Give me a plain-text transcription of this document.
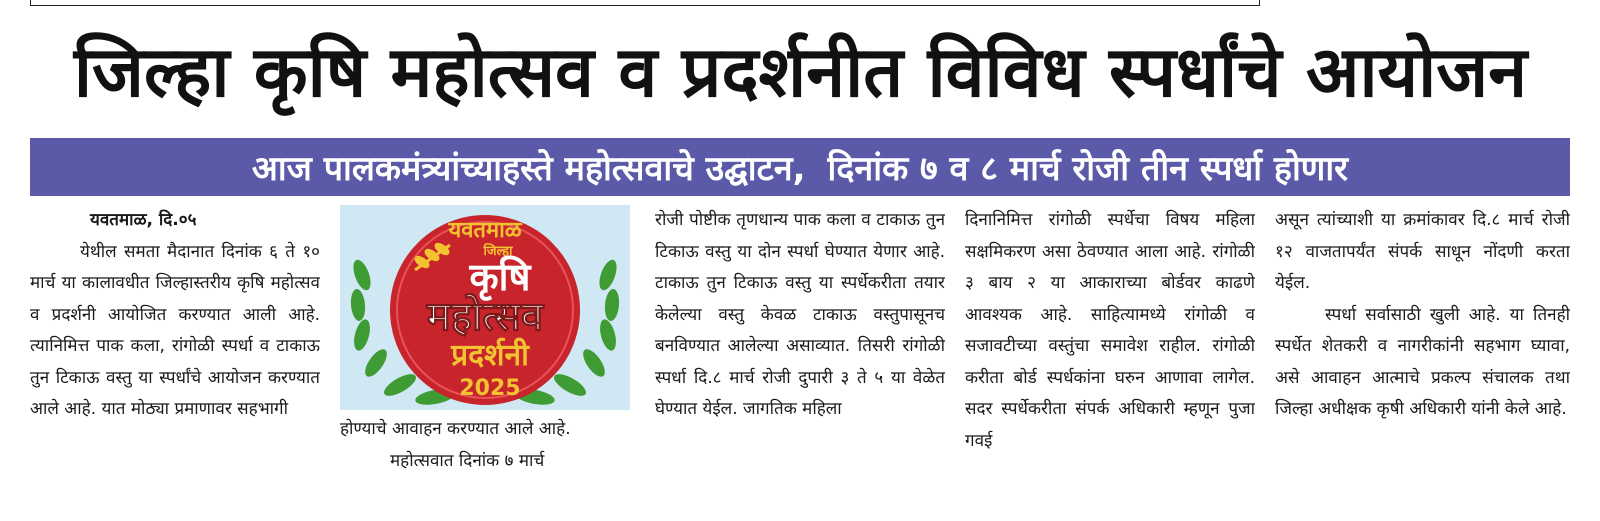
जिल्हा कृषि महोत्सव व प्रदर्शनीत विविध स्पर्धांचे आयोजन
आज पालकमंत्र्यांच्याहस्ते महोत्सवाचे उद्घाटन, दिनांक ७ व ८ मार्च रोजी तीन स्पर्धा होणार

यवतमाळ, दि.०५

येथील समता मैदानात दिनांक ६ ते १० मार्च या कालावधीत जिल्हास्तरीय कृषि महोत्सव व प्रदर्शनी आयोजित करण्यात आली आहे. त्यानिमित्त पाक कला, रांगोळी स्पर्धा व टाकाऊ तुन टिकाऊ वस्तु या स्पर्धांचे आयोजन करण्यात आले आहे. यात मोठ्या प्रमाणावर सहभागी

यवतमाळ
जिल्हा
कृषि
महोत्सव
प्रदर्शनी
2025

होण्याचे आवाहन करण्यात आले आहे.

महोत्सवात दिनांक ७ मार्च

रोजी पोष्टीक तृणधान्य पाक कला व टाकाऊ तुन टिकाऊ वस्तु या दोन स्पर्धा घेण्यात येणार आहे. टाकाऊ तुन टिकाऊ वस्तु या स्पर्धेकरीता तयार केलेल्या वस्तु केवळ टाकाऊ वस्तुपासूनच बनविण्यात आलेल्या असाव्यात. तिसरी रांगोळी स्पर्धा दि.८ मार्च रोजी दुपारी ३ ते ५ या वेळेत घेण्यात येईल. जागतिक महिला

दिनानिमित्त रांगोळी स्पर्धेचा विषय महिला सक्षमिकरण असा ठेवण्यात आला आहे. रांगोळी ३ बाय २ या आकाराच्या बोर्डवर काढणे आवश्यक आहे. साहित्यामध्ये रांगोळी व सजावटीच्या वस्तुंचा समावेश राहील. रांगोळी करीता बोर्ड स्पर्धकांना घरुन आणावा लागेल. सदर स्पर्धेकरीता संपर्क अधिकारी म्हणून पुजा गवई

असून त्यांच्याशी या क्रमांकावर दि.८ मार्च रोजी १२ वाजतापर्यंत संपर्क साधून नोंदणी करता येईल.

स्पर्धा सर्वासाठी खुली आहे. या तिनही स्पर्धेत शेतकरी व नागरीकांनी सहभाग घ्यावा, असे आवाहन आत्माचे प्रकल्प संचालक तथा जिल्हा अधीक्षक कृषी अधिकारी यांनी केले आहे.
